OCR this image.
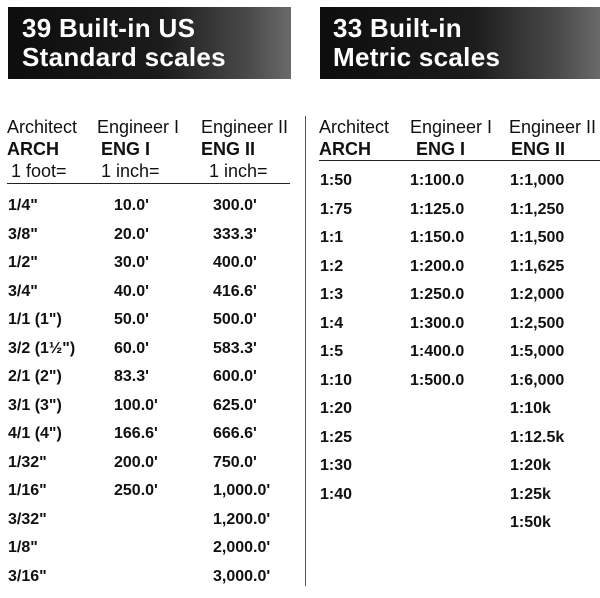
39 Built-in US
Standard scales
33 Built-in
Metric scales
Architect
ARCH
1 foot=
Engineer I
ENG I
1 inch=
Engineer II
ENG II
1 inch=
Architect
ARCH
Engineer I
ENG I
Engineer II
ENG II
1/4"
3/8"
1/2"
3/4"
1/1 (1")
3/2 (1½")
2/1 (2")
3/1 (3")
4/1 (4")
1/32"
1/16"
3/32"
1/8"
3/16"
10.0'
20.0'
30.0'
40.0'
50.0'
60.0'
83.3'
100.0'
166.6'
200.0'
250.0'
300.0'
333.3'
400.0'
416.6'
500.0'
583.3'
600.0'
625.0'
666.6'
750.0'
1,000.0'
1,200.0'
2,000.0'
3,000.0'
1:50
1:75
1:1
1:2
1:3
1:4
1:5
1:10
1:20
1:25
1:30
1:40
1:100.0
1:125.0
1:150.0
1:200.0
1:250.0
1:300.0
1:400.0
1:500.0
1:1,000
1:1,250
1:1,500
1:1,625
1:2,000
1:2,500
1:5,000
1:6,000
1:10k
1:12.5k
1:20k
1:25k
1:50k
